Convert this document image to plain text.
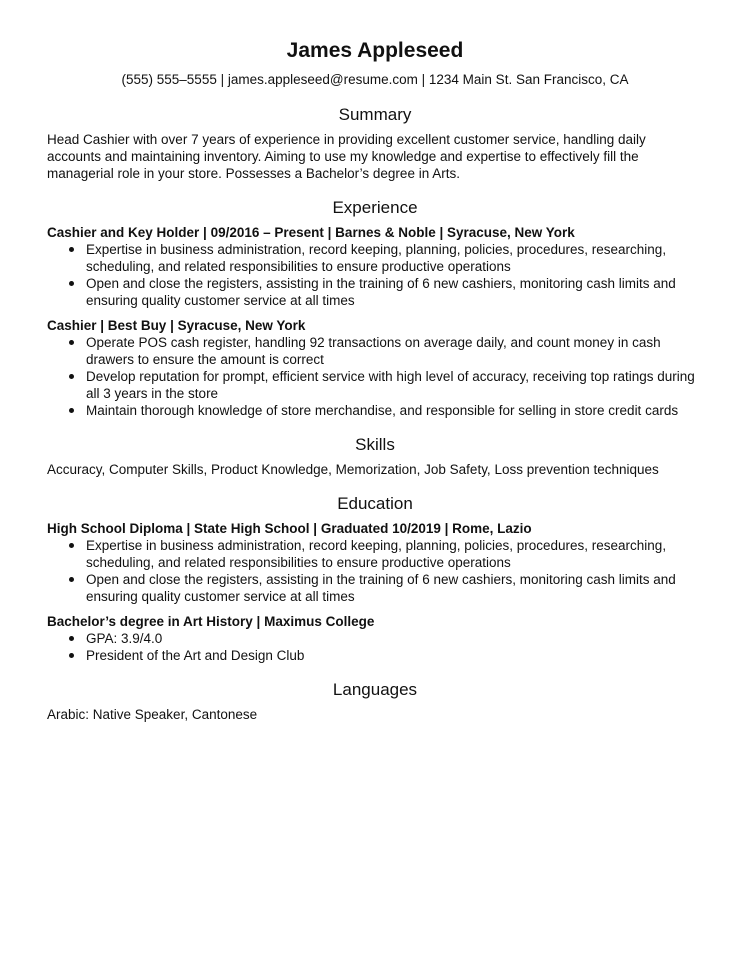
James Appleseed
(555) 555–5555 | james.appleseed@resume.com | 1234 Main St. San Francisco, CA
Summary
Head Cashier with over 7 years of experience in providing excellent customer service, handling daily accounts and maintaining inventory. Aiming to use my knowledge and expertise to effectively fill the managerial role in your store. Possesses a Bachelor’s degree in Arts.
Experience
Cashier and Key Holder | 09/2016 – Present | Barnes & Noble | Syracuse, New York
Expertise in business administration, record keeping, planning, policies, procedures, researching, scheduling, and related responsibilities to ensure productive operations
Open and close the registers, assisting in the training of 6 new cashiers, monitoring cash limits and ensuring quality customer service at all times
Cashier | Best Buy | Syracuse, New York
Operate POS cash register, handling 92 transactions on average daily, and count money in cash drawers to ensure the amount is correct
Develop reputation for prompt, efficient service with high level of accuracy, receiving top ratings during all 3 years in the store
Maintain thorough knowledge of store merchandise, and responsible for selling in store credit cards
Skills
Accuracy, Computer Skills, Product Knowledge, Memorization, Job Safety, Loss prevention techniques
Education
High School Diploma | State High School | Graduated 10/2019 | Rome, Lazio
Expertise in business administration, record keeping, planning, policies, procedures, researching, scheduling, and related responsibilities to ensure productive operations
Open and close the registers, assisting in the training of 6 new cashiers, monitoring cash limits and ensuring quality customer service at all times
Bachelor’s degree in Art History | Maximus College
GPA: 3.9/4.0
President of the Art and Design Club
Languages
Arabic: Native Speaker, Cantonese
